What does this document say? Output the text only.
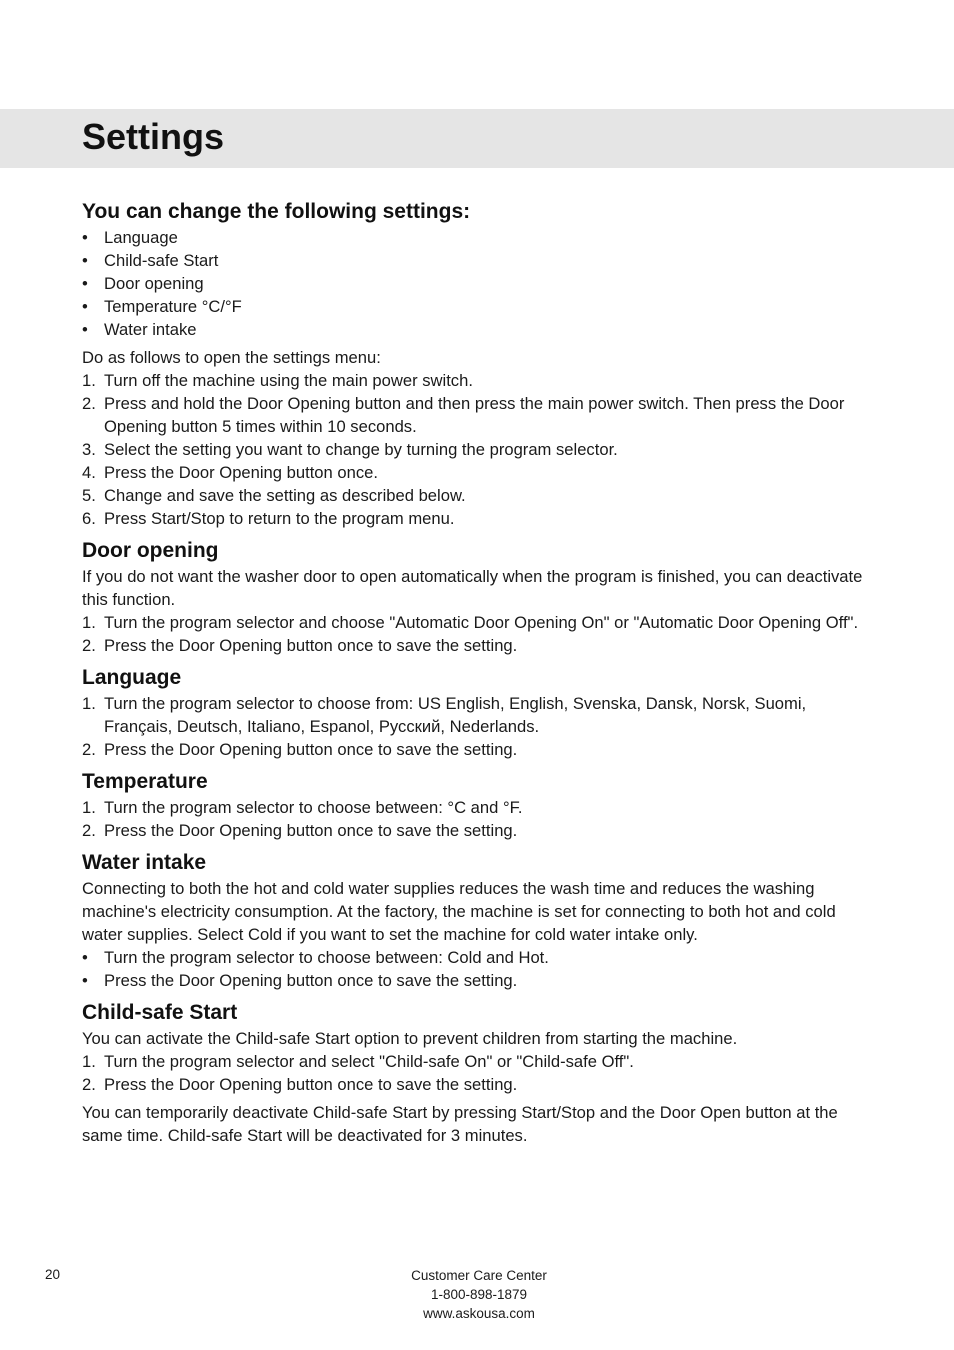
Settings
You can change the following settings:
• Language
• Child-safe Start
• Door opening
• Temperature °C/°F
• Water intake

Do as follows to open the settings menu:

1. Turn off the machine using the main power switch.
2. Press and hold the Door Opening button and then press the main power switch. Then press the Door Opening button 5 times within 10 seconds.
3. Select the setting you want to change by turning the program selector.
4. Press the Door Opening button once.
5. Change and save the setting as described below.
6. Press Start/Stop to return to the program menu.
Door opening

If you do not want the washer door to open automatically when the program is finished, you can deactivate this function.

1. Turn the program selector and choose "Automatic Door Opening On" or "Automatic Door Opening Off".
2. Press the Door Opening button once to save the setting.
Language
1. Turn the program selector to choose from: US English, English, Svenska, Dansk, Norsk, Suomi, Français, Deutsch, Italiano, Espanol, Русский, Nederlands.
2. Press the Door Opening button once to save the setting.
Temperature
1. Turn the program selector to choose between: °C and °F.
2. Press the Door Opening button once to save the setting.
Water intake

Connecting to both the hot and cold water supplies reduces the wash time and reduces the washing machine's electricity consumption. At the factory, the machine is set for connecting to both hot and cold water supplies. Select Cold if you want to set the machine for cold water intake only.

• Turn the program selector to choose between: Cold and Hot.
• Press the Door Opening button once to save the setting.
Child-safe Start

You can activate the Child-safe Start option to prevent children from starting the machine.

1. Turn the program selector and select "Child-safe On" or "Child-safe Off".
2. Press the Door Opening button once to save the setting.

You can temporarily deactivate Child-safe Start by pressing Start/Stop and the Door Open button at the same time. Child-safe Start will be deactivated for 3 minutes.

20	Customer Care Center
1-800-898-1879
www.askousa.com
